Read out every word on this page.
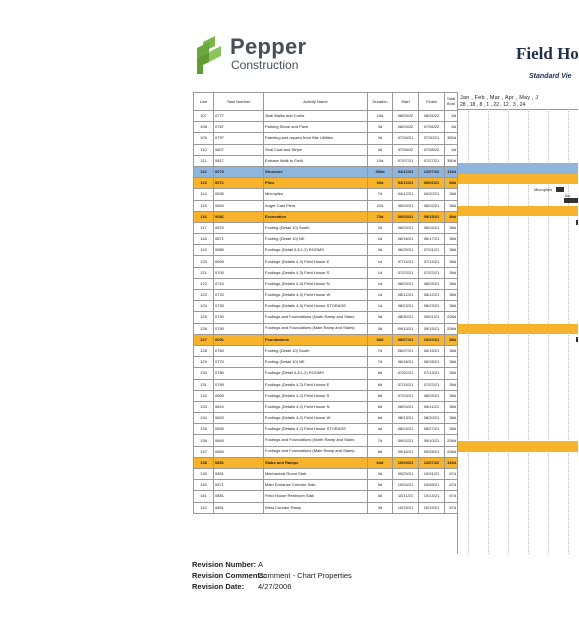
Pepper
Construction
Field Ho
Standard Vie
Line	Task Number	Activity Name	Duration	Start	Finish	Total float
107	0777	Side Walks and Curbs	15d	08/09/22	08/26/22	6d
108	0767	Parking Stone and Pave	3d	08/29/22	07/06/22	6d
109	0797	Patching and repairs from Site Utilities	3d	07/26/21	07/30/21	350d
110	0807	Seal Coat and Stripe	3d	07/06/22	07/08/22	6d
111	0817	Entrace Walk to Field	10d	07/07/21	07/27/21	350d
112	0070	Structure	390d	04/12/21	12/07/22	116d
113	0071	Piles	30d	04/12/21	06/02/21	38d
114	0830	Micropiles	7d	04/12/21	04/20/21	38d
115	0840	Auger Cast Piers	22d	05/03/21	06/02/21	38d
116	0081	Excavation	73d	06/03/21	09/15/21	38d
117	0870	Footing (Detail 10) South	2d	06/03/21	06/04/21	38d
118	0871	Footing (Detail 10) NE	2d	06/16/21	06/17/21	38d
119	0880	Footings (Detail 6,8,1,2) ROOMS	3d	06/29/21	07/01/21	38d
120	0690	Footings (Details 4,3) Field House E	1d	07/14/21	07/14/21	38d
121	0700	Footings (Details 4,3) Field House S	1d	07/22/21	07/22/21	38d
122	0710	Footings (Details 4,3) Field House N	1d	08/03/21	08/03/21	38d
123	0720	Footings (Details 4,3) Field House W	1d	08/12/21	08/12/21	38d
124	0730	Footings (Details 4,3) Field House STORAGE	1d	08/23/21	08/23/21	38d
125	0740	Footings and Foundations (North Ramp and Stairs	3d	08/30/21	09/01/21	208d
126	0750	Footings and Foundations (Main Ramp and Stairs)	3d	09/13/21	09/15/21	208d
127	0091	Foundations	83d	06/07/21	10/20/21	38d
128	0760	Footing (Detail 10) South	7d	06/07/21	06/15/21	38d
129	0770	Footing (Detail 10) NE	7d	06/18/21	06/28/21	38d
130	0780	Footings (Detail 6,8,1,2) ROOMS	8d	07/02/21	07/13/21	38d
131	0789	Footings (Details 4,2) Field House E	6d	07/15/21	07/22/21	38d
132	0800	Footings (Details 4,2) Field House S	8d	07/23/21	08/03/21	38d
133	0810	Footings (Details 4,2) Field House N	8d	08/04/21	08/11/21	38d
134	0820	Footings (Details 4,2) Field House W	6d	08/13/21	08/20/21	38d
135	0830	Footings (Details 4,2) Field House STORAGE	4d	08/24/21	08/27/21	38d
136	0840	Footings and Foundations (North Ramp and Stairs	7d	09/02/21	09/10/21	208d
137	0850	Footings and Foundations (Main Ramp and Stairs)	8d	09/16/21	09/28/21	208d
138	0851	Slabs and Ramps	84d	10/29/21	12/07/22	116d
139	0861	Mechanical Room Slab	3d	09/29/21	10/01/21	67d
140	0871	Main Entrance Corridor Slab	5d	10/04/21	10/08/21	67d
141	0881	Field House Restroom Slab	4d	10/11/21	10/14/21	67d
142	0891	West Corridor Ramp	3d	10/15/21	10/19/21	67d
Jan , Feb , Mar , Apr , May , J
28 , 18 , 8 , 1 , 22 , 12 , 3 , 24
Micropiles
Au
Revision Number: A
Revision Comments:Comment - Chart Properties
Revision Date: 4/27/2006
